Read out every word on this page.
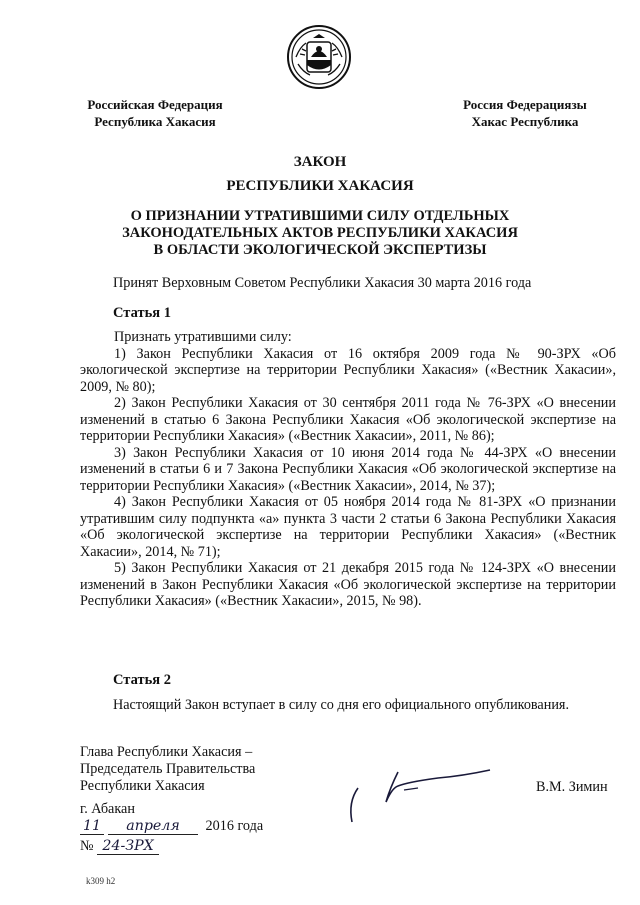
Российская Федерация
Республика Хакасия
Россия Федерациязы
Хакас Республика
ЗАКОН
РЕСПУБЛИКИ ХАКАСИЯ
О ПРИЗНАНИИ УТРАТИВШИМИ СИЛУ ОТДЕЛЬНЫХ
ЗАКОНОДАТЕЛЬНЫХ АКТОВ РЕСПУБЛИКИ ХАКАСИЯ
В ОБЛАСТИ ЭКОЛОГИЧЕСКОЙ ЭКСПЕРТИЗЫ
Принят Верховным Советом Республики Хакасия 30 марта 2016 года
Статья 1

Признать утратившими силу:

1) Закон Республики Хакасия от 16 октября 2009 года № 90-ЗРХ «Об экологической экспертизе на территории Республики Хакасия» («Вестник Хакасии», 2009, № 80);

2) Закон Республики Хакасия от 30 сентября 2011 года № 76-ЗРХ «О внесении изменений в статью 6 Закона Республики Хакасия «Об экологической экспертизе на территории Республики Хакасия» («Вестник Хакасии», 2011, № 86);

3) Закон Республики Хакасия от 10 июня 2014 года № 44-ЗРХ «О внесении изменений в статьи 6 и 7 Закона Республики Хакасия «Об экологической экспертизе на территории Республики Хакасия» («Вестник Хакасии», 2014, № 37);

4) Закон Республики Хакасия от 05 ноября 2014 года № 81-ЗРХ «О признании утратившим силу подпункта «а» пункта 3 части 2 статьи 6 Закона Республики Хакасия «Об экологической экспертизе на территории Республики Хакасия» («Вестник Хакасии», 2014, № 71);

5) Закон Республики Хакасия от 21 декабря 2015 года № 124-ЗРХ «О внесении изменений в Закон Республики Хакасия «Об экологической экспертизе на территории Республики Хакасия» («Вестник Хакасии», 2015, № 98).

Статья 2
Настоящий Закон вступает в силу со дня его официального опубликования.
Глава Республики Хакасия –
Председатель Правительства
Республики Хакасия	В.М. Зимин
г. Абакан
11 апреля 2016 года
№ 24-ЗРХ
k309 h2
